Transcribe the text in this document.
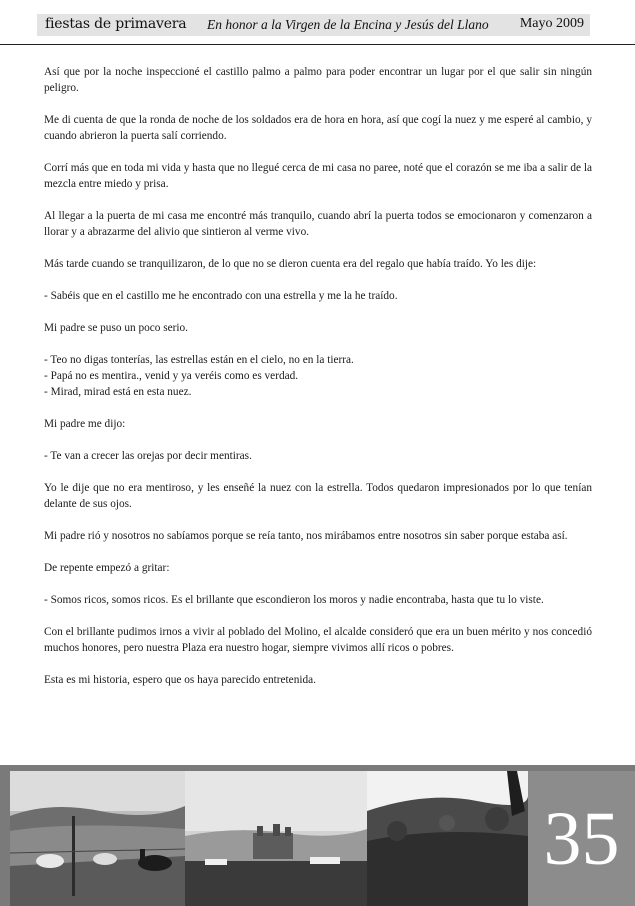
fiestas de primavera En honor a la Virgen de la Encina y Jesús del Llano Mayo 2009

Así que por la noche inspeccioné el castillo palmo a palmo para poder encontrar un lugar por el que salir sin ningún peligro.

Me di cuenta de que la ronda de noche de los soldados era de hora en hora, así que cogí la nuez y me esperé al cambio, y cuando abrieron la puerta salí corriendo.

Corrí más que en toda mi vida y hasta que no llegué cerca de mi casa no paree, noté que el corazón se me iba a salir de la mezcla entre miedo y prisa.

Al llegar a la puerta de mi casa me encontré más tranquilo, cuando abrí la puerta todos se emocionaron y comenzaron a llorar y a abrazarme del alivio que sintieron al verme vivo.

Más tarde cuando se tranquilizaron, de lo que no se dieron cuenta era del regalo que había traído. Yo les dije:

- Sabéis que en el castillo me he encontrado con una estrella y me la he traído.

Mi padre se puso un poco serio.

- Teo no digas tonterías, las estrellas están en el cielo, no en la tierra.

- Papá no es mentira., venid y ya veréis como es verdad.

- Mirad, mirad está en esta nuez.

Mi padre me dijo:

- Te van a crecer las orejas por decir mentiras.

Yo le dije que no era mentiroso, y les enseñé la nuez con la estrella. Todos quedaron impresionados por lo que tenían delante de sus ojos.

Mi padre rió y nosotros no sabíamos porque se reía tanto, nos mirábamos entre nosotros sin saber porque estaba así.

De repente empezó a gritar:

- Somos ricos, somos ricos. Es el brillante que escondieron los moros y nadie encontraba, hasta que tu lo viste.

Con el brillante pudimos irnos a vivir al poblado del Molino, el alcalde consideró que era un buen mérito y nos concedió muchos honores, pero nuestra Plaza era nuestro hogar, siempre vivimos allí ricos o pobres.

Esta es mi historia, espero que os haya parecido entretenida.

35
